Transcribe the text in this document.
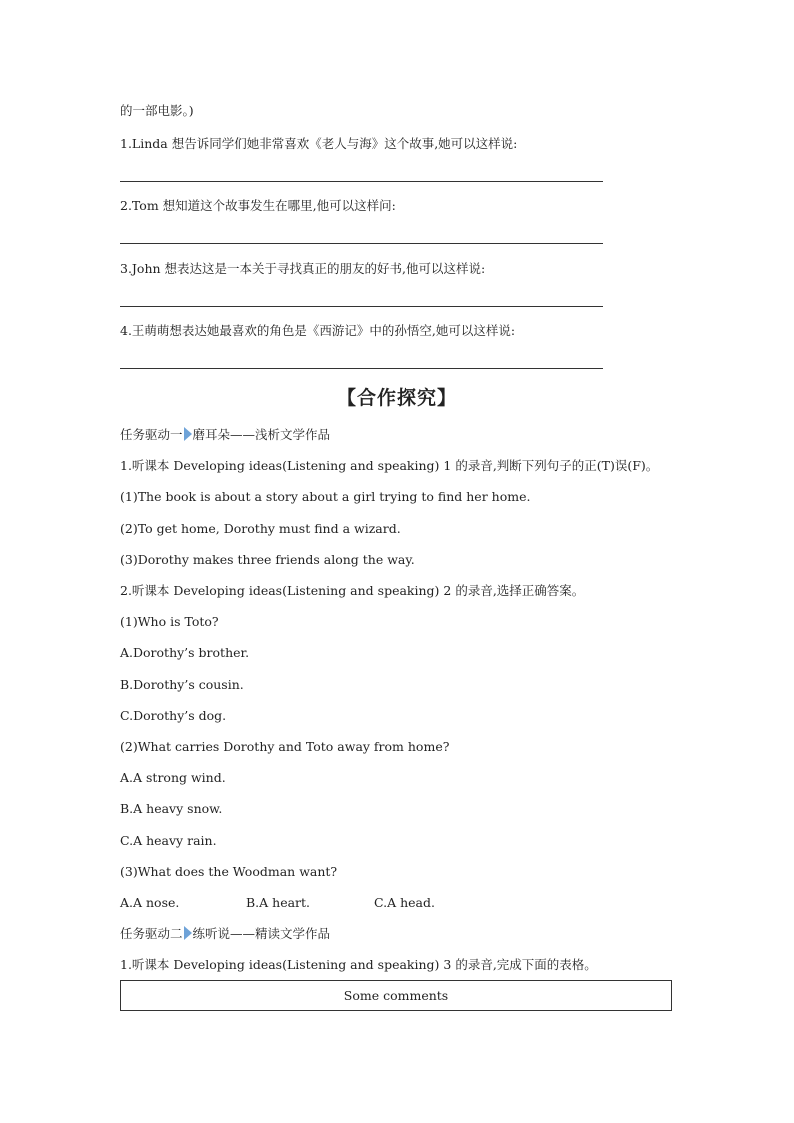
的一部电影。)
1.Linda 想告诉同学们她非常喜欢《老人与海》这个故事,她可以这样说:
2.Tom 想知道这个故事发生在哪里,他可以这样问:
3.John 想表达这是一本关于寻找真正的朋友的好书,他可以这样说:
4.王萌萌想表达她最喜欢的角色是《西游记》中的孙悟空,她可以这样说:
【合作探究】
任务驱动一 磨耳朵——浅析文学作品
1.听课本 Developing ideas(Listening and speaking) 1 的录音,判断下列句子的正(T)误(F)。
(1)The book is about a story about a girl trying to find her home.
(2)To get home, Dorothy must find a wizard.
(3)Dorothy makes three friends along the way.
2.听课本 Developing ideas(Listening and speaking) 2 的录音,选择正确答案。
(1)Who is Toto?
A.Dorothy’s brother.
B.Dorothy’s cousin.
C.Dorothy’s dog.
(2)What carries Dorothy and Toto away from home?
A.A strong wind.
B.A heavy snow.
C.A heavy rain.
(3)What does the Woodman want?
A.A nose.	B.A heart.	C.A head.
任务驱动二 练听说——精读文学作品
1.听课本 Developing ideas(Listening and speaking) 3 的录音,完成下面的表格。
Some comments
